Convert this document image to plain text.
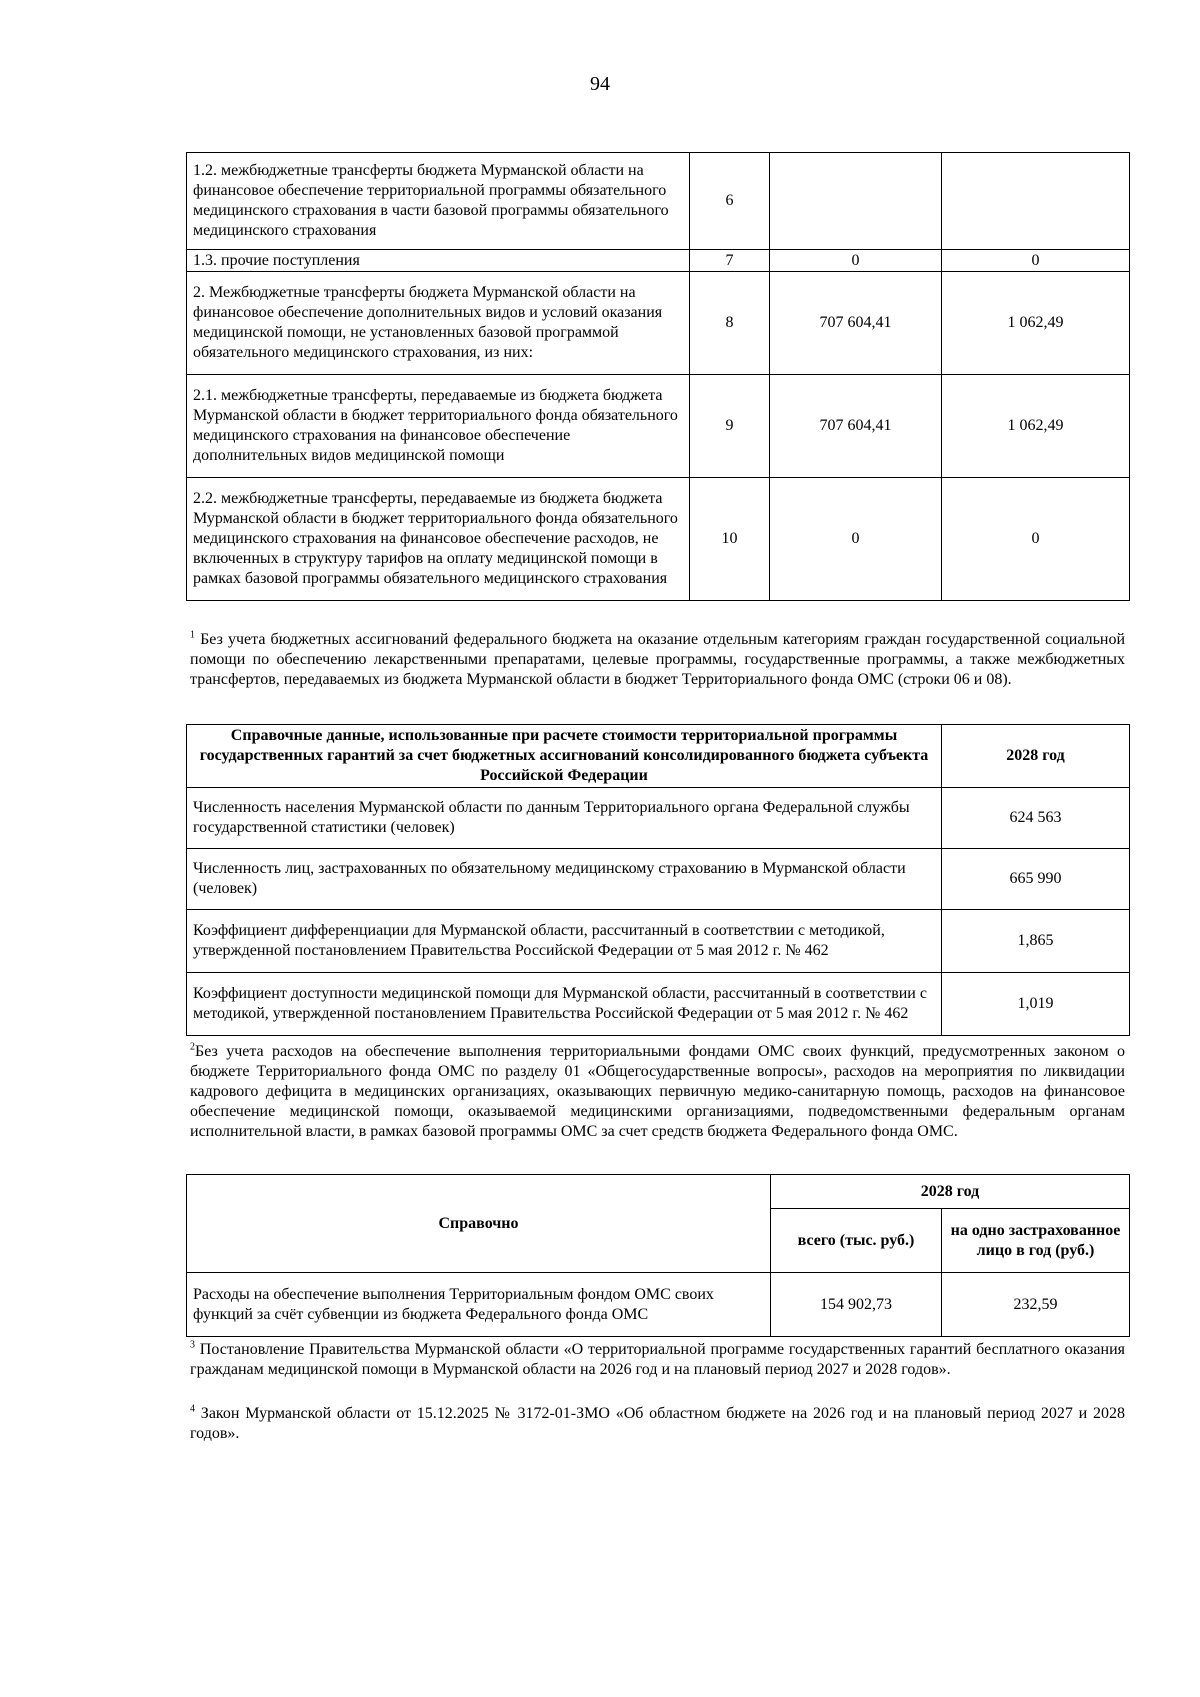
94
1.2. межбюджетные трансферты бюджета Мурманской области на финансовое обеспечение территориальной программы обязательного медицинского страхования в части базовой программы обязательного медицинского страхования	6		
1.3. прочие поступления	7	0	0
2. Межбюджетные трансферты бюджета Мурманской области на финансовое обеспечение дополнительных видов и условий оказания медицинской помощи, не установленных базовой программой обязательного медицинского страхования, из них:	8	707 604,41	1 062,49
2.1. межбюджетные трансферты, передаваемые из бюджета бюджета Мурманской области в бюджет территориального фонда обязательного медицинского страхования на финансовое обеспечение дополнительных видов медицинской помощи	9	707 604,41	1 062,49
2.2. межбюджетные трансферты, передаваемые из бюджета бюджета Мурманской области в бюджет территориального фонда обязательного медицинского страхования на финансовое обеспечение расходов, не включенных в структуру тарифов на оплату медицинской помощи в рамках базовой программы обязательного медицинского страхования	10	0	0
$^1$ Без учета бюджетных ассигнований федерального бюджета на оказание отдельным категориям граждан государственной социальной помощи по обеспечению лекарственными препаратами, целевые программы, государственные программы, а также межбюджетных трансфертов, передаваемых из бюджета Мурманской области в бюджет Территориального фонда ОМС (строки 06 и 08).
Справочные данные, использованные при расчете стоимости территориальной программы государственных гарантий за счет бюджетных ассигнований консолидированного бюджета субъекта Российской Федерации	2028 год
Численность населения Мурманской области по данным Территориального органа Федеральной службы государственной статистики (человек)	624 563
Численность лиц, застрахованных по обязательному медицинскому страхованию в Мурманской области (человек)	665 990
Коэффициент дифференциации для Мурманской области, рассчитанный в соответствии с методикой, утвержденной постановлением Правительства Российской Федерации от 5 мая 2012 г. № 462	1,865
Коэффициент доступности медицинской помощи для Мурманской области, рассчитанный в соответствии с методикой, утвержденной постановлением Правительства Российской Федерации от 5 мая 2012 г. № 462	1,019
$^2$Без учета расходов на обеспечение выполнения территориальными фондами ОМС своих функций, предусмотренных законом о бюджете Территориального фонда ОМС по разделу 01 «Общегосударственные вопросы», расходов на мероприятия по ликвидации кадрового дефицита в медицинских организациях, оказывающих первичную медико-санитарную помощь, расходов на финансовое обеспечение медицинской помощи, оказываемой медицинскими организациями, подведомственными федеральным органам исполнительной власти, в рамках базовой программы ОМС за счет средств бюджета Федерального фонда ОМС.
Справочно	2028 год	
	всего (тыс. руб.)	на одно застрахованное лицо в год (руб.)
Расходы на обеспечение выполнения Территориальным фондом ОМС своих функций за счёт субвенции из бюджета Федерального фонда ОМС	154 902,73	232,59
$^3$ Постановление Правительства Мурманской области «О территориальной программе государственных гарантий бесплатного оказания гражданам медицинской помощи в Мурманской области на 2026 год и на плановый период 2027 и 2028 годов».
$^4$ Закон Мурманской области от 15.12.2025 № 3172-01-ЗМО «Об областном бюджете на 2026 год и на плановый период 2027 и 2028 годов».
